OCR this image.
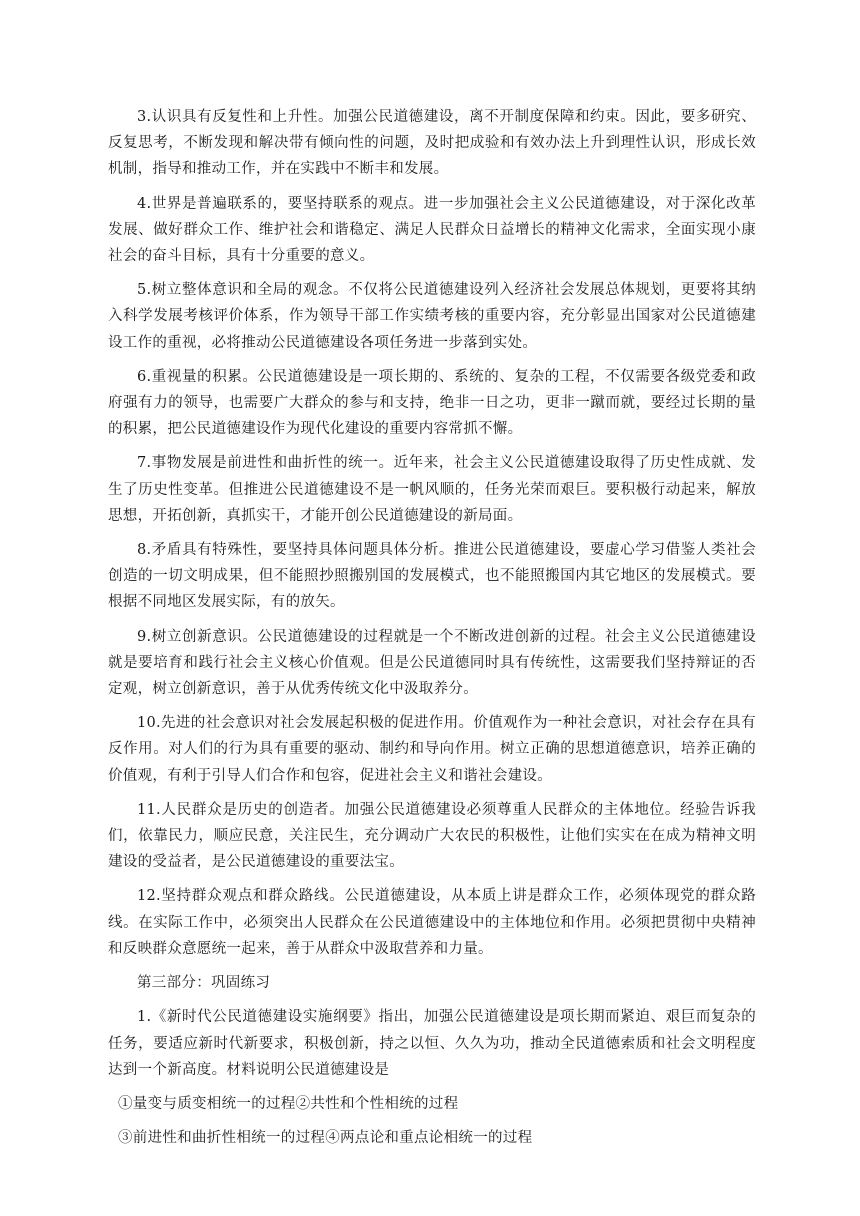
3.认识具有反复性和上升性。加强公民道德建设，离不开制度保障和约束。因此，要多研究、反复思考，不断发现和解决带有倾向性的问题，及时把成验和有效办法上升到理性认识，形成长效机制，指导和推动工作，并在实践中不断丰和发展。

4.世界是普遍联系的，要坚持联系的观点。进一步加强社会主义公民道德建设，对于深化改革发展、做好群众工作、维护社会和谐稳定、满足人民群众日益增长的精神文化需求，全面实现小康社会的奋斗目标，具有十分重要的意义。

5.树立整体意识和全局的观念。不仅将公民道德建设列入经济社会发展总体规划，更要将其纳入科学发展考核评价体系，作为领导干部工作实绩考核的重要内容，充分彰显出国家对公民道德建设工作的重视，必将推动公民道德建设各项任务进一步落到实处。

6.重视量的积累。公民道德建设是一项长期的、系统的、复杂的工程，不仅需要各级党委和政府强有力的领导，也需要广大群众的参与和支持，绝非一日之功，更非一蹴而就，要经过长期的量的积累，把公民道德建设作为现代化建设的重要内容常抓不懈。

7.事物发展是前进性和曲折性的统一。近年来，社会主义公民道德建设取得了历史性成就、发生了历史性变革。但推进公民道德建设不是一帆风顺的，任务光荣而艰巨。要积极行动起来，解放思想，开拓创新，真抓实干，才能开创公民道德建设的新局面。

8.矛盾具有特殊性，要坚持具体问题具体分析。推进公民道德建设，要虚心学习借鉴人类社会创造的一切文明成果，但不能照抄照搬别国的发展模式，也不能照搬国内其它地区的发展模式。要根据不同地区发展实际，有的放矢。

9.树立创新意识。公民道德建设的过程就是一个不断改进创新的过程。社会主义公民道德建设就是要培育和践行社会主义核心价值观。但是公民道德同时具有传统性，这需要我们坚持辩证的否定观，树立创新意识，善于从优秀传统文化中汲取养分。

10.先进的社会意识对社会发展起积极的促进作用。价值观作为一种社会意识，对社会存在具有反作用。对人们的行为具有重要的驱动、制约和导向作用。树立正确的思想道德意识，培养正确的价值观，有利于引导人们合作和包容，促进社会主义和谐社会建设。

11.人民群众是历史的创造者。加强公民道德建设必须尊重人民群众的主体地位。经验告诉我们，依靠民力，顺应民意，关注民生，充分调动广大农民的积极性，让他们实实在在成为精神文明建设的受益者，是公民道德建设的重要法宝。

12.坚持群众观点和群众路线。公民道德建设，从本质上讲是群众工作，必须体现党的群众路线。在实际工作中，必须突出人民群众在公民道德建设中的主体地位和作用。必须把贯彻中央精神和反映群众意愿统一起来，善于从群众中汲取营养和力量。

第三部分：巩固练习

1.《新时代公民道德建设实施纲要》指出，加强公民道德建设是项长期而紧迫、艰巨而复杂的任务，要适应新时代新要求，积极创新，持之以恒、久久为功，推动全民道德索质和社会文明程度达到一个新高度。材料说明公民道德建设是

①量变与质变相统一的过程②共性和个性相统的过程

③前进性和曲折性相统一的过程④两点论和重点论相统一的过程
